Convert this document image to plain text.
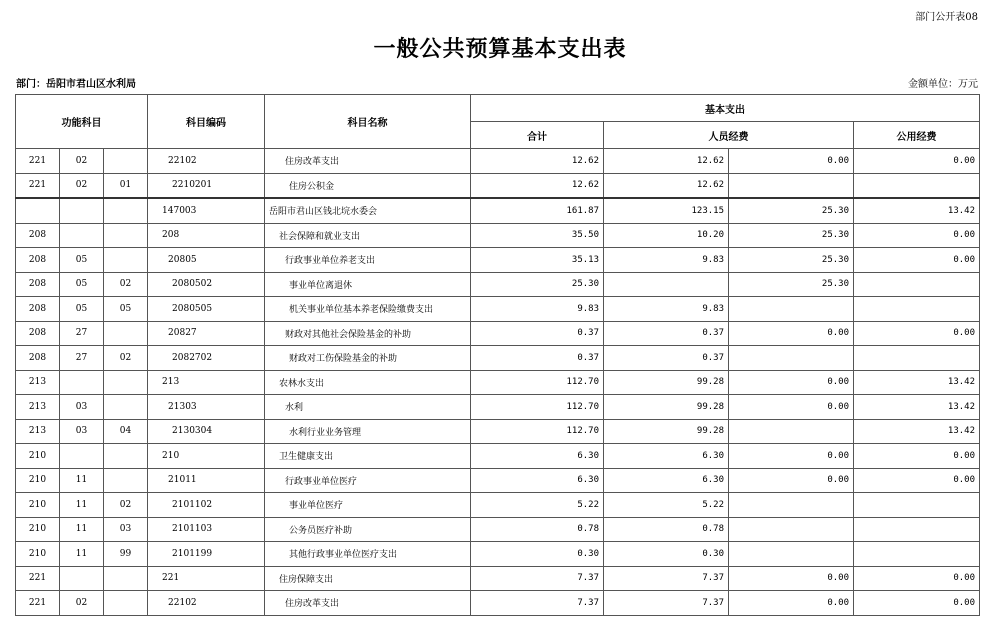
部门公开表08
一般公共预算基本支出表
部门：岳阳市君山区水利局	金额单位：万元
功能科目			科目编码	科目名称	基本支出			
					合计	人员经费		公用经费
221	02		22102	住房改革支出	12.62	12.62	0.00	0.00
221	02	01	2210201	住房公积金	12.62	12.62		
			147003	岳阳市君山区钱北垸水委会	161.87	123.15	25.30	13.42
208			208	社会保障和就业支出	35.50	10.20	25.30	0.00
208	05		20805	行政事业单位养老支出	35.13	9.83	25.30	0.00
208	05	02	2080502	事业单位离退休	25.30		25.30	
208	05	05	2080505	机关事业单位基本养老保险缴费支出	9.83	9.83		
208	27		20827	财政对其他社会保险基金的补助	0.37	0.37	0.00	0.00
208	27	02	2082702	财政对工伤保险基金的补助	0.37	0.37		
213			213	农林水支出	112.70	99.28	0.00	13.42
213	03		21303	水利	112.70	99.28	0.00	13.42
213	03	04	2130304	水利行业业务管理	112.70	99.28		13.42
210			210	卫生健康支出	6.30	6.30	0.00	0.00
210	11		21011	行政事业单位医疗	6.30	6.30	0.00	0.00
210	11	02	2101102	事业单位医疗	5.22	5.22		
210	11	03	2101103	公务员医疗补助	0.78	0.78		
210	11	99	2101199	其他行政事业单位医疗支出	0.30	0.30		
221			221	住房保障支出	7.37	7.37	0.00	0.00
221	02		22102	住房改革支出	7.37	7.37	0.00	0.00
